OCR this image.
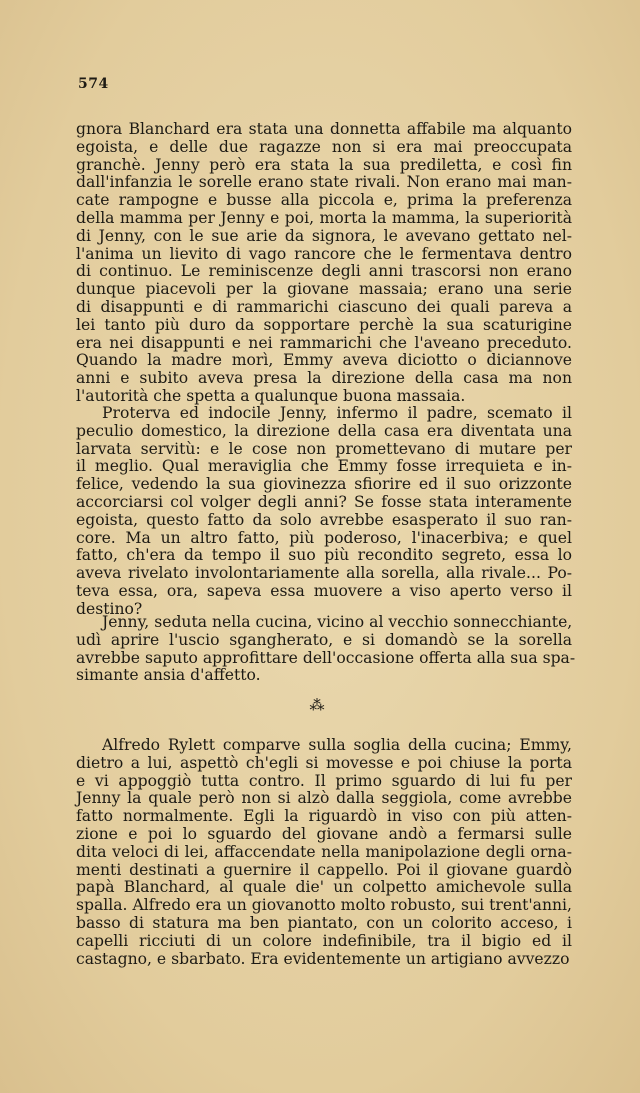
574
gnora Blanchard era stata una donnetta affabile ma alquanto
egoista, e delle due ragazze non si era mai preoccupata
granchè. Jenny però era stata la sua prediletta, e così fin
dall'infanzia le sorelle erano state rivali. Non erano mai man-
cate rampogne e busse alla piccola e, prima la preferenza
della mamma per Jenny e poi, morta la mamma, la superiorità
di Jenny, con le sue arie da signora, le avevano gettato nel-
l'anima un lievito di vago rancore che le fermentava dentro
di continuo. Le reminiscenze degli anni trascorsi non erano
dunque piacevoli per la giovane massaia; erano una serie
di disappunti e di rammarichi ciascuno dei quali pareva a
lei tanto più duro da sopportare perchè la sua scaturigine
era nei disappunti e nei rammarichi che l'aveano preceduto.
Quando la madre morì, Emmy aveva diciotto o diciannove
anni e subito aveva presa la direzione della casa ma non
l'autorità che spetta a qualunque buona massaia.
Proterva ed indocile Jenny, infermo il padre, scemato il
peculio domestico, la direzione della casa era diventata una
larvata servitù: e le cose non promettevano di mutare per
il meglio. Qual meraviglia che Emmy fosse irrequieta e in-
felice, vedendo la sua giovinezza sfiorire ed il suo orizzonte
accorciarsi col volger degli anni? Se fosse stata interamente
egoista, questo fatto da solo avrebbe esasperato il suo ran-
core. Ma un altro fatto, più poderoso, l'inacerbiva; e quel
fatto, ch'era da tempo il suo più recondito segreto, essa lo
aveva rivelato involontariamente alla sorella, alla rivale... Po-
teva essa, ora, sapeva essa muovere a viso aperto verso il
destino?
Jenny, seduta nella cucina, vicino al vecchio sonnecchiante,
udì aprire l'uscio sgangherato, e si domandò se la sorella
avrebbe saputo approfittare dell'occasione offerta alla sua spa-
simante ansia d'affetto.
⁂
Alfredo Rylett comparve sulla soglia della cucina; Emmy,
dietro a lui, aspettò ch'egli si movesse e poi chiuse la porta
e vi appoggiò tutta contro. Il primo sguardo di lui fu per
Jenny la quale però non si alzò dalla seggiola, come avrebbe
fatto normalmente. Egli la riguardò in viso con più atten-
zione e poi lo sguardo del giovane andò a fermarsi sulle
dita veloci di lei, affaccendate nella manipolazione degli orna-
menti destinati a guernire il cappello. Poi il giovane guardò
papà Blanchard, al quale die' un colpetto amichevole sulla
spalla. Alfredo era un giovanotto molto robusto, sui trent'anni,
basso di statura ma ben piantato, con un colorito acceso, i
capelli ricciuti di un colore indefinibile, tra il bigio ed il
castagno, e sbarbato. Era evidentemente un artigiano avvezzo
